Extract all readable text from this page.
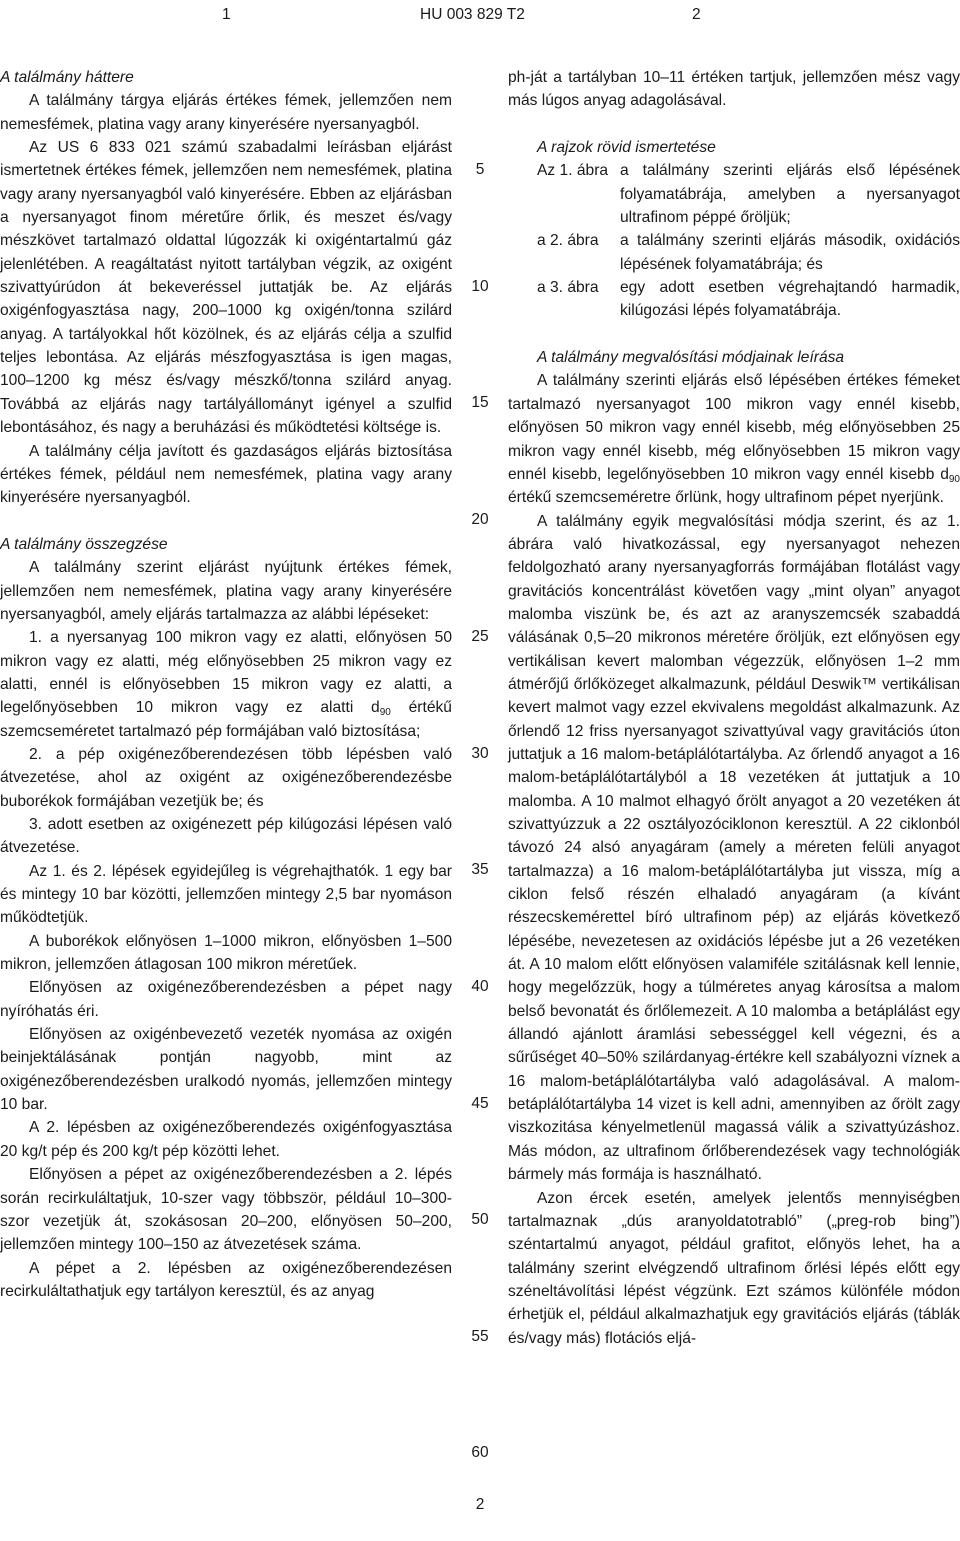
1	HU 003 829 T2	2

A találmány háttere

A találmány tárgya eljárás értékes fémek, jellemzően nem nemesfémek, platina vagy arany kinyerésére nyersanyagból.

Az US 6 833 021 számú szabadalmi leírásban eljárást ismertetnek értékes fémek, jellemzően nem nemesfémek, platina vagy arany nyersanyagból való kinyerésére. Ebben az eljárásban a nyersanyagot finom méretűre őrlik, és meszet és/vagy mészkövet tartalmazó oldattal lúgozzák ki oxigéntartalmú gáz jelenlétében. A reagáltatást nyitott tartályban végzik, az oxigént szivattyúrúdon át bekeveréssel juttatják be. Az eljárás oxigénfogyasztása nagy, 200–1000 kg oxigén/tonna szilárd anyag. A tartályokkal hőt közölnek, és az eljárás célja a szulfid teljes lebontása. Az eljárás mészfogyasztása is igen magas, 100–1200 kg mész és/vagy mészkő/tonna szilárd anyag. Továbbá az eljárás nagy tartályállományt igényel a szulfid lebontásához, és nagy a beruházási és működtetési költsége is.

A találmány célja javított és gazdaságos eljárás biztosítása értékes fémek, például nem nemesfémek, platina vagy arany kinyerésére nyersanyagból.

A találmány összegzése

A találmány szerint eljárást nyújtunk értékes fémek, jellemzően nem nemesfémek, platina vagy arany kinyerésére nyersanyagból, amely eljárás tartalmazza az alábbi lépéseket:

1. a nyersanyag 100 mikron vagy ez alatti, előnyösen 50 mikron vagy ez alatti, még előnyösebben 25 mikron vagy ez alatti, ennél is előnyösebben 15 mikron vagy ez alatti, a legelőnyösebben 10 mikron vagy ez alatti $d_{90}$ értékű szemcseméretet tartalmazó pép formájában való biztosítása;

2. a pép oxigénezőberendezésen több lépésben való átvezetése, ahol az oxigént az oxigénezőberendezésbe buborékok formájában vezetjük be; és

3. adott esetben az oxigénezett pép kilúgozási lépésen való átvezetése.

Az 1. és 2. lépések egyidejűleg is végrehajthatók. 1 egy bar és mintegy 10 bar közötti, jellemzően mintegy 2,5 bar nyomáson működtetjük.

A buborékok előnyösen 1–1000 mikron, előnyösben 1–500 mikron, jellemzően átlagosan 100 mikron méretűek.

Előnyösen az oxigénezőberendezésben a pépet nagy nyíróhatás éri.

Előnyösen az oxigénbevezető vezeték nyomása az oxigén beinjektálásának pontján nagyobb, mint az oxigénezőberendezésben uralkodó nyomás, jellemzően mintegy 10 bar.

A 2. lépésben az oxigénezőberendezés oxigénfogyasztása 20 kg/t pép és 200 kg/t pép közötti lehet.

Előnyösen a pépet az oxigénezőberendezésben a 2. lépés során recirkuláltatjuk, 10-szer vagy többször, például 10–300-szor vezetjük át, szokásosan 20–200, előnyösen 50–200, jellemzően mintegy 100–150 az átvezetések száma.

A pépet a 2. lépésben az oxigénezőberendezésen recirkuláltathatjuk egy tartályon keresztül, és az anyag

5
10
15
20
25
30
35
40
45
50
55
60

ph-ját a tartályban 10–11 értéken tartjuk, jellemzően mész vagy más lúgos anyag adagolásával.

A rajzok rövid ismertetése

Az 1. ábra a találmány szerinti eljárás első lépésének folyamatábrája, amelyben a nyersanyagot ultrafinom péppé őröljük;
a 2. ábra	a találmány szerinti eljárás második, oxidációs lépésének folyamatábrája; és
a 3. ábra	egy adott esetben végrehajtandó harmadik, kilúgozási lépés folyamatábrája.

A találmány megvalósítási módjainak leírása

A találmány szerinti eljárás első lépésében értékes fémeket tartalmazó nyersanyagot 100 mikron vagy ennél kisebb, előnyösen 50 mikron vagy ennél kisebb, még előnyösebben 25 mikron vagy ennél kisebb, még előnyösebben 15 mikron vagy ennél kisebb, legelőnyösebben 10 mikron vagy ennél kisebb $d_{90}$ értékű szemcseméretre őrlünk, hogy ultrafinom pépet nyerjünk.

A találmány egyik megvalósítási módja szerint, és az 1. ábrára való hivatkozással, egy nyersanyagot nehezen feldolgozható arany nyersanyagforrás formájában flotálást vagy gravitációs koncentrálást követően vagy „mint olyan” anyagot malomba viszünk be, és azt az aranyszemcsék szabaddá válásának 0,5–20 mikronos méretére őröljük, ezt előnyösen egy vertikálisan kevert malomban végezzük, előnyösen 1–2 mm átmérőjű őrlőközeget alkalmazunk, például Deswik™ vertikálisan kevert malmot vagy ezzel ekvivalens megoldást alkalmazunk. Az őrlendő 12 friss nyersanyagot szivattyúval vagy gravitációs úton juttatjuk a 16 malom-betáplálótartályba. Az őrlendő anyagot a 16 malom-betáplálótartályból a 18 vezetéken át juttatjuk a 10 malomba. A 10 malmot elhagyó őrölt anyagot a 20 vezetéken át szivattyúzzuk a 22 osztályozóciklonon keresztül. A 22 ciklonból távozó 24 alsó anyagáram (amely a méreten felüli anyagot tartalmazza) a 16 malom-betáplálótartályba jut vissza, míg a ciklon felső részén elhaladó anyagáram (a kívánt részecskemérettel bíró ultrafinom pép) az eljárás következő lépésébe, nevezetesen az oxidációs lépésbe jut a 26 vezetéken át. A 10 malom előtt előnyösen valamiféle szitálásnak kell lennie, hogy megelőzzük, hogy a túlméretes anyag károsítsa a malom belső bevonatát és őrlőlemezeit. A 10 malomba a betáplálást egy állandó ajánlott áramlási sebességgel kell végezni, és a sűrűséget 40–50% szilárdanyag-értékre kell szabályozni víznek a 16 malom-betáplálótartályba való adagolásával. A malom-betáplálótartályba 14 vizet is kell adni, amennyiben az őrölt zagy viszkozitása kényelmetlenül magassá válik a szivattyúzáshoz. Más módon, az ultrafinom őrlőberendezések vagy technológiák bármely más formája is használható.

Azon ércek esetén, amelyek jelentős mennyiségben tartalmaznak „dús aranyoldatotrabló” („preg-rob bing”) széntartalmú anyagot, például grafitot, előnyös lehet, ha a találmány szerint elvégzendő ultrafinom őrlési lépés előtt egy széneltávolítási lépést végzünk. Ezt számos különféle módon érhetjük el, például alkalmazhatjuk egy gravitációs eljárás (táblák és/vagy más) flotációs eljá-

2
